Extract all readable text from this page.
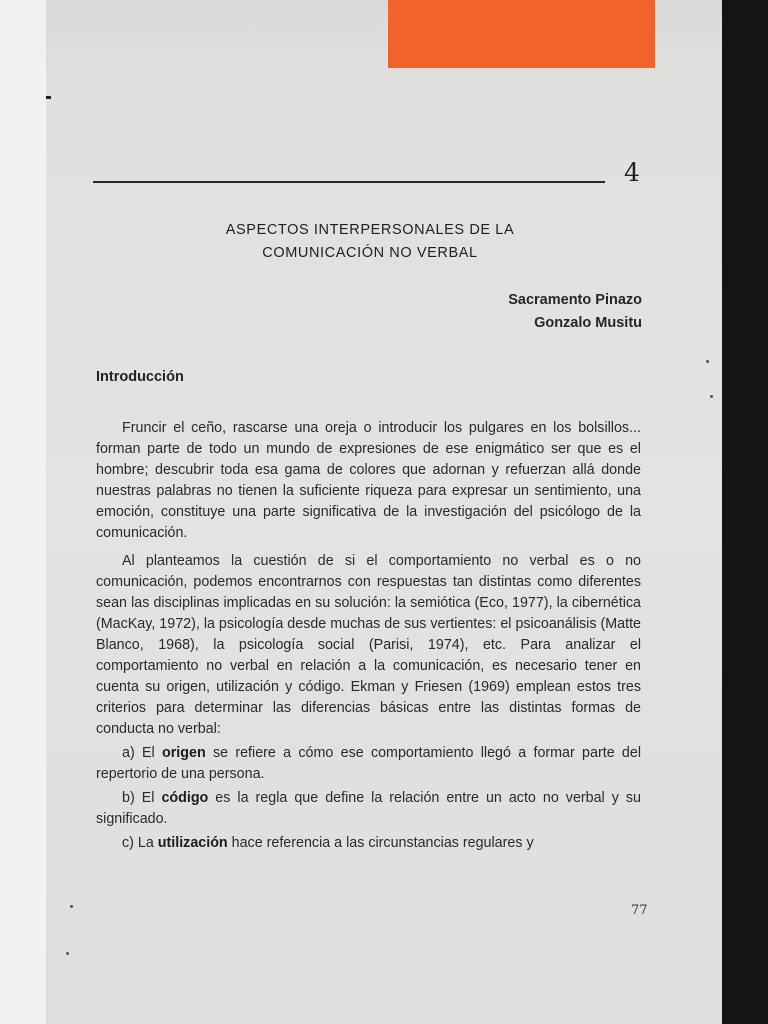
4
ASPECTOS INTERPERSONALES DE LA
COMUNICACIÓN NO VERBAL
Sacramento Pinazo
Gonzalo Musitu
Introducción

Fruncir el ceño, rascarse una oreja o introducir los pulgares en los bolsillos... forman parte de todo un mundo de expresiones de ese enigmático ser que es el hombre; descubrir toda esa gama de colores que adornan y refuerzan allá donde nuestras palabras no tienen la suficiente riqueza para expresar un sentimiento, una emoción, constituye una parte significativa de la investigación del psicólogo de la comunicación.

Al planteamos la cuestión de si el comportamiento no verbal es o no comunicación, podemos encontrarnos con respuestas tan distintas como diferentes sean las disciplinas implicadas en su solución: la semiótica (Eco, 1977), la cibernética (MacKay, 1972), la psicología desde muchas de sus vertientes: el psicoanálisis (Matte Blanco, 1968), la psicología social (Parisi, 1974), etc. Para analizar el comportamiento no verbal en relación a la comunicación, es necesario tener en cuenta su origen, utilización y código. Ekman y Friesen (1969) emplean estos tres criterios para determinar las diferencias básicas entre las distintas formas de conducta no verbal:

a) El origen se refiere a cómo ese comportamiento llegó a formar parte del repertorio de una persona.

b) El código es la regla que define la relación entre un acto no verbal y su significado.

c) La utilización hace referencia a las circunstancias regulares y

77
